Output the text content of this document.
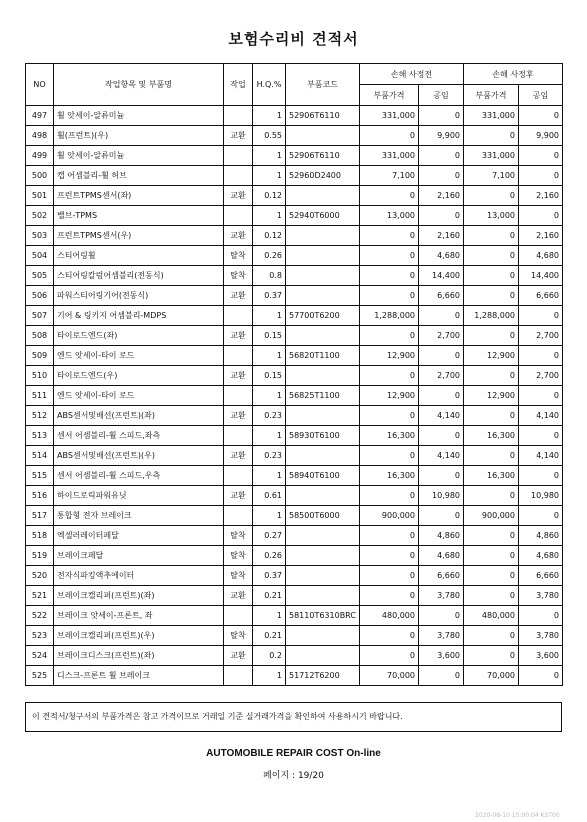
보험수리비 견적서
NO	작업항목 및 부품명	작업	H.Q.%	부품코드	손해 사정전		손해 사정후	
					부품가격	공임	부품가격	공임
497	휠 앗세이-알류미늄		1	52906T6110	331,000	0	331,000	0
498	휠(프런트)(우)	교환	0.55		0	9,900	0	9,900
499	휠 앗세이-알류미늄		1	52906T6110	331,000	0	331,000	0
500	캡 어셈블리-휠 허브		1	52960D2400	7,100	0	7,100	0
501	프런트TPMS센서(좌)	교환	0.12		0	2,160	0	2,160
502	밸브-TPMS		1	52940T6000	13,000	0	13,000	0
503	프런트TPMS센서(우)	교환	0.12		0	2,160	0	2,160
504	스티어링휠	탈착	0.26		0	4,680	0	4,680
505	스티어링칼럼어셈블리(전동식)	탈착	0.8		0	14,400	0	14,400
506	파워스티어링기어(전동식)	교환	0.37		0	6,660	0	6,660
507	기어 & 링키지 어셈블리-MDPS		1	57700T6200	1,288,000	0	1,288,000	0
508	타이로드엔드(좌)	교환	0.15		0	2,700	0	2,700
509	엔드 앗세이-타이 로드		1	56820T1100	12,900	0	12,900	0
510	타이로드엔드(우)	교환	0.15		0	2,700	0	2,700
511	엔드 앗세이-타이 로드		1	56825T1100	12,900	0	12,900	0
512	ABS센서및배선(프런트)(좌)	교환	0.23		0	4,140	0	4,140
513	센서 어셈블리-휠 스피드,좌측		1	58930T6100	16,300	0	16,300	0
514	ABS센서및배선(프런트)(우)	교환	0.23		0	4,140	0	4,140
515	센서 어셈블리-휠 스피드,우측		1	58940T6100	16,300	0	16,300	0
516	하이드로릭파워유닛	교환	0.61		0	10,980	0	10,980
517	통합형 전자 브레이크		1	58500T6000	900,000	0	900,000	0
518	엑셀러레이터페달	탈착	0.27		0	4,860	0	4,860
519	브레이크페달	탈착	0.26		0	4,680	0	4,680
520	전자식파킹액추에이터	탈착	0.37		0	6,660	0	6,660
521	브레이크캘리퍼(프런트)(좌)	교환	0.21		0	3,780	0	3,780
522	브레이크 앗세이-프론트, 좌		1	58110T6310BRC	480,000	0	480,000	0
523	브레이크캘리퍼(프런트)(우)	탈착	0.21		0	3,780	0	3,780
524	브레이크디스크(프런트)(좌)	교환	0.2		0	3,600	0	3,600
525	디스크-프론트 휠 브레이크		1	51712T6200	70,000	0	70,000	0
이 견적서/청구서의 부품가격은 참고 가격이므로 거래일 기준 실거래가격을 확인하여 사용하시기 바랍니다.
AUTOMOBILE REPAIR COST On-line
페이지 : 19/20
2020-08-10 15:00:04 KST00
